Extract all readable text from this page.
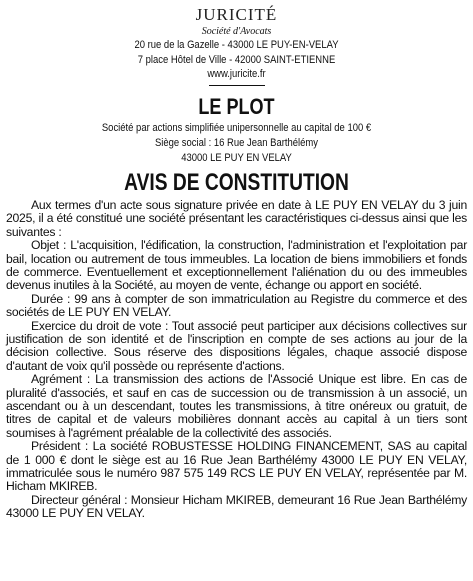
JURICITÉ
Société d'Avocats
20 rue de la Gazelle - 43000 LE PUY-EN-VELAY
7 place Hôtel de Ville - 42000 SAINT-ETIENNE
www.juricite.fr
LE PLOT
Société par actions simplifiée unipersonnelle au capital de 100 €
Siège social : 16 Rue Jean Barthélémy
43000 LE PUY EN VELAY
AVIS DE CONSTITUTION

Aux termes d'un acte sous signature privée en date à LE PUY EN VELAY du 3 juin 2025, il a été constitué une société présentant les caractéristiques ci-dessus ainsi que les suivantes :

Objet : L'acquisition, l'édification, la construction, l'administration et l'exploitation par bail, location ou autrement de tous immeubles. La location de biens immobiliers et fonds de commerce. Eventuellement et exceptionnellement l'aliénation du ou des immeubles devenus inutiles à la Société, au moyen de vente, échange ou apport en société.

Durée : 99 ans à compter de son immatriculation au Registre du commerce et des sociétés de LE PUY EN VELAY.

Exercice du droit de vote : Tout associé peut participer aux décisions collectives sur justification de son identité et de l'inscription en compte de ses actions au jour de la décision collective. Sous réserve des dispositions légales, chaque associé dispose d'autant de voix qu'il possède ou représente d'actions.

Agrément : La transmission des actions de l'Associé Unique est libre. En cas de pluralité d'associés, et sauf en cas de succession ou de transmission à un associé, un ascendant ou à un descendant, toutes les transmissions, à titre onéreux ou gratuit, de titres de capital et de valeurs mobilières donnant accès au capital à un tiers sont soumises à l'agrément préalable de la collectivité des associés.

Président : La société ROBUSTESSE HOLDING FINANCEMENT, SAS au capital de 1 000 € dont le siège est au 16 Rue Jean Barthélémy 43000 LE PUY EN VELAY, immatriculée sous le numéro 987 575 149 RCS LE PUY EN VELAY, représentée par M. Hicham MKIREB.

Directeur général : Monsieur Hicham MKIREB, demeurant 16 Rue Jean Barthélémy 43000 LE PUY EN VELAY.
